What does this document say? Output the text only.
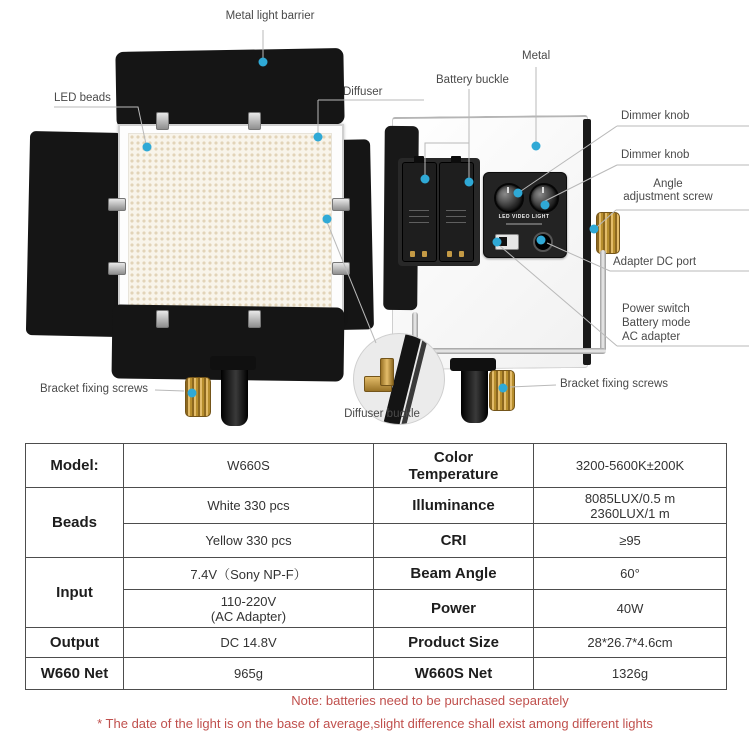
LED VIDEO LIGHT
Metal light barrier
LED beads	Diffuser
Battery buckle
Metal
Dimmer knob
Dimmer knob
Angle
adjustment screw
Adapter DC port
Power switch
Battery mode
AC adapter
Bracket fixing screws	Bracket fixing screws
Diffuser buckle
Model:	W660S	Color Temperature	3200-5600K±200K
Beads	White 330 pcs	Illuminance	8085LUX/0.5 m
2360LUX/1 m
	Yellow 330 pcs	CRI	≥95
Input	7.4V（Sony NP-F）	Beam Angle	60°
	110-220V
(AC Adapter)	Power	40W
Output	DC 14.8V	Product Size	28*26.7*4.6cm
W660 Net	965g	W660S Net	1326g
Note: batteries need to be purchased separately
* The date of the light is on the base of average,slight difference shall exist among different lights
